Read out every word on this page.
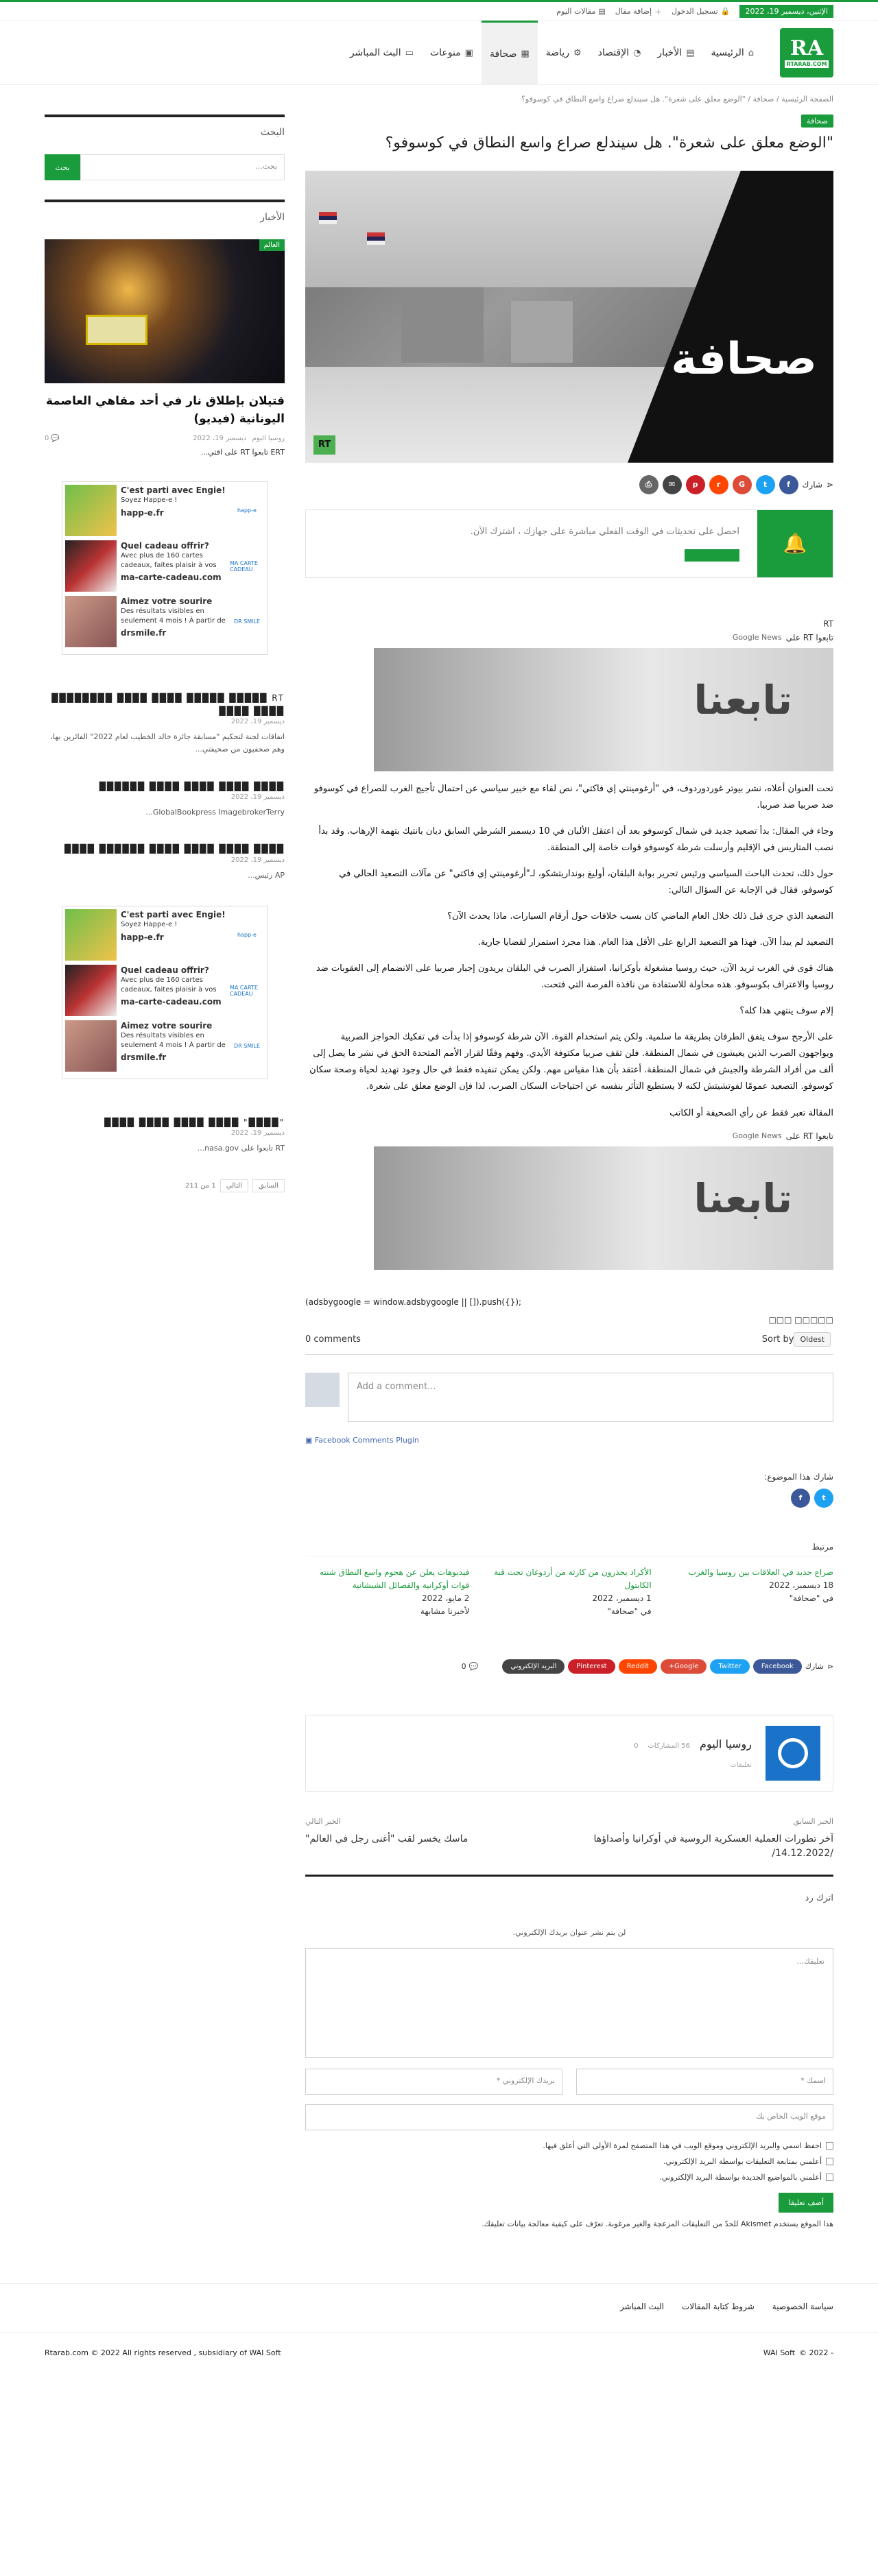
الإثنين، ديسمبر 19، 2022
🔒
تسجيل الدخول
＋
إضافة مقال
▤
مقالات اليوم
RA
RTARAB.COM
⌂
الرئيسية
▤
الأخبار
◔
الإقتصاد
⚙
رياضة
▦
صحافة
▣
منوعات
▭
البث المباشر
الصفحة الرئيسية / صحافة / "الوضع معلق على شعرة". هل سيندلع صراع واسع النطاق في كوسوفو؟
صحافة
"الوضع معلق على شعرة". هل سيندلع صراع واسع النطاق في كوسوفو؟
صحافة
RT
⋖
شارك
f
t
G
r
p
✉
⎙
🔔
احصل على تحديثات في الوقت الفعلي مباشرة على جهازك ، اشترك الآن.
RT
تابعوا RT على
Google News
تابعنا

تحت العنوان أعلاه، نشر بيوتر غوردوردوف، في "أرغومينتي إي فاكتي"، نص لقاء مع خبير سياسي عن احتمال تأجيج الغرب للصراع في كوسوفو ضد صربيا ضد صربيا.

وجاء في المقال: بدأ تصعيد جديد في شمال كوسوفو بعد أن اعتقل الألبان في 10 ديسمبر الشرطي السابق ديان بانتيك بتهمة الإرهاب. وقد بدأ نصب المتاريس في الإقليم وأرسلت شرطة كوسوفو قوات خاصة إلى المنطقة.

حول ذلك، تحدث الباحث السياسي ورئيس تحرير بوابة البلقان، أوليغ بونداريتشكو، لـ"أرغومينتي إي فاكتي" عن مآلات التصعيد الحالي في كوسوفو، فقال في الإجابة عن السؤال التالي:

التصعيد الذي جرى قبل ذلك خلال العام الماضي كان بسبب خلافات حول أرقام السيارات. ماذا يحدث الآن؟

التصعيد لم يبدأ الآن. فهذا هو التصعيد الرابع على الأقل هذا العام. هذا مجرد استمرار لقضايا جارية.

هناك قوى في الغرب تريد الآن، حيث روسيا مشغولة بأوكرانيا، استفزاز الصرب في البلقان يريدون إجبار صربيا على الانضمام إلى العقوبات ضد روسيا والاعتراف بكوسوفو. هذه محاولة للاستفادة من نافذة الفرصة التي فتحت.

إلام سوف ينتهي هذا كله؟

على الأرجح سوف يتفق الطرفان بطريقة ما سلمية. ولكن يتم استخدام القوة. الآن شرطة كوسوفو إذا بدأت في تفكيك الحواجز الصربية ويواجهون الصرب الذين يعيشون في شمال المنطقة. فلن تقف صربيا مكتوفة الأيدي. وفهم وفقًا لقرار الأمم المتحدة الحق في نشر ما يصل إلى ألف من أفراد الشرطة والجيش في شمال المنطقة. أعتقد بأن هذا مقياس مهم. ولكن يمكن تنفيذه فقط في حال وجود تهديد لحياة وصحة سكان كوسوفو. التصعيد عمومًا لفوتشيتش لكنه لا يستطيع التأثر بنفسه عن احتياجات السكان الصرب. لذا فإن الوضع معلق على شعرة.

المقالة تعبر فقط عن رأي الصحيفة أو الكاتب

تابعوا RT على
Google News
تابعنا
(adsbygoogle = window.adsbygoogle || []).push({});
□□□□□ □□□
0 comments	Sort by Oldest
Add a comment...
▣ Facebook Comments Plugin
شارك هذا الموضوع:
t
f
مرتبط
صراع جديد في العلاقات بين روسيا والغرب
18 ديسمبر، 2022
في "صحافة"
الأكراد يحذرون من كارثة من أردوغان تحت قبة الكابتول
1 ديسمبر، 2022
في "صحافة"
فيديوهات يعلن عن هجوم واسع النطاق شنته قوات أوكرانية والفصائل الشيشانية
2 مايو، 2022
لأخبرنا مشابهة
⋖
شارك
Facebook
Twitter
Google+
Reddit
Pinterest
البريد الإلكتروني
💬
0
روسيا اليوم
56 المشاركات
0
تعليقات
الخبر السابق
آخر تطورات العملية العسكرية الروسية في أوكرانيا وأصداؤها /14.12.2022/
الخبر التالي
ماسك يخسر لقب "أغنى رجل في العالم"
اترك رد
لن يتم نشر عنوان بريدك الإلكتروني.
تعليقك...
اسمك *
بريدك الإلكتروني *
موقع الويب الخاص بك
احفظ اسمي والبريد الإلكتروني وموقع الويب في هذا المتصفح لمرة الأولى التي أعلق فيها.
أعلمني بمتابعة التعليقات بواسطة البريد الإلكتروني.
أعلمني بالمواضيع الجديدة بواسطة البريد الإلكتروني.
أضف تعليقا
هذا الموقع يستخدم Akismet للحدّ من التعليقات المزعجة والغير مرغوبة. تعرّف على كيفية معالجة بيانات تعليقك.
البحث
بحث...
بحث
الأخبار
العالم
قتيلان بإطلاق نار في أحد مقاهي العاصمة اليونانية (فيديو)
روسيا اليوم
ديسمبر 19، 2022
💬
0
ERT تابعوا RT على اقتي...
C'est parti avec Engie!
Soyez Happe-e !
happ-e.fr	happ-e
Quel cadeau offrir?
Avec plus de 160 cartes cadeaux, faites plaisir à vos
ma-carte-cadeau.com
MA CARTE CADEAU
Aimez votre sourire
Des résultats visibles en seulement 4 mois ! À partir de
drsmile.fr
DR SMILE
RT █████ █████ ████ ████ ████████ ████ ████
ديسمبر 19، 2022
اتفاقات لجنة لتحكيم "مسابقة جائزة خالد الخطيب لعام 2022" الفائزين بها، وهم صحفيون من صحيفتي...
████ ████ ████ ████ ██████
ديسمبر 19، 2022
GlobalBookpress ImagebrokerTerry...
████ ████ ████ ████ ██████ ████
ديسمبر 19، 2022
AP رئيس...
C'est parti avec Engie!
Soyez Happe-e !
happ-e.fr	happ-e
Quel cadeau offrir?
Avec plus de 160 cartes cadeaux, faites plaisir à vos
ma-carte-cadeau.com
MA CARTE CADEAU
Aimez votre sourire
Des résultats visibles en seulement 4 mois ! À partir de
drsmile.fr
DR SMILE
"████" ████ ████ ████ ████
ديسمبر 19، 2022
RT تابعوا على nasa.gov...
السابق
التالي
1 من 211
سياسة الخصوصية
شروط كتابة المقالات
البث المباشر
- 2022 ©
WAI Soft
Rtarab.com © 2022 All rights reserved , subsidiary of WAI Soft
